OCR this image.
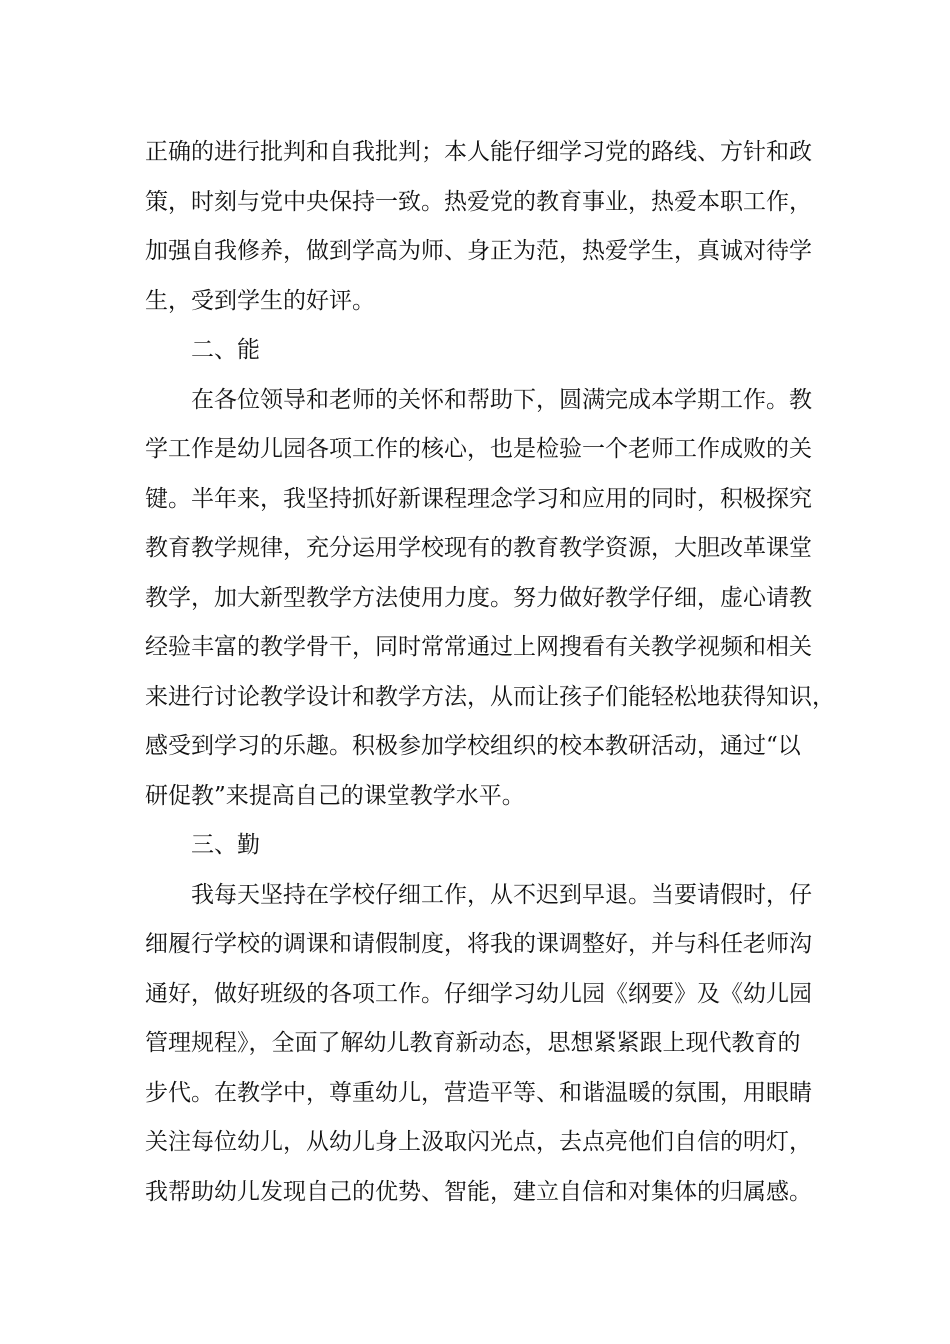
正确的进行批判和自我批判；本人能仔细学习党的路线、方针和政
策，时刻与党中央保持一致。热爱党的教育事业，热爱本职工作，
加强自我修养，做到学高为师、身正为范，热爱学生，真诚对待学
生，受到学生的好评。
二、能
在各位领导和老师的关怀和帮助下，圆满完成本学期工作。教
学工作是幼儿园各项工作的核心，也是检验一个老师工作成败的关
键。半年来，我坚持抓好新课程理念学习和应用的同时，积极探究
教育教学规律，充分运用学校现有的教育教学资源，大胆改革课堂
教学，加大新型教学方法使用力度。努力做好教学仔细，虚心请教
经验丰富的教学骨干，同时常常通过上网搜看有关教学视频和相关
来进行讨论教学设计和教学方法，从而让孩子们能轻松地获得知识，
感受到学习的乐趣。积极参加学校组织的校本教研活动，通过“以
研促教”来提高自己的课堂教学水平。
三、勤
我每天坚持在学校仔细工作，从不迟到早退。当要请假时，仔
细履行学校的调课和请假制度，将我的课调整好，并与科任老师沟
通好，做好班级的各项工作。仔细学习幼儿园《纲要》及《幼儿园
管理规程》，全面了解幼儿教育新动态，思想紧紧跟上现代教育的
步代。在教学中，尊重幼儿，营造平等、和谐温暖的氛围，用眼睛
关注每位幼儿，从幼儿身上汲取闪光点，去点亮他们自信的明灯，
我帮助幼儿发现自己的优势、智能，建立自信和对集体的归属感。
